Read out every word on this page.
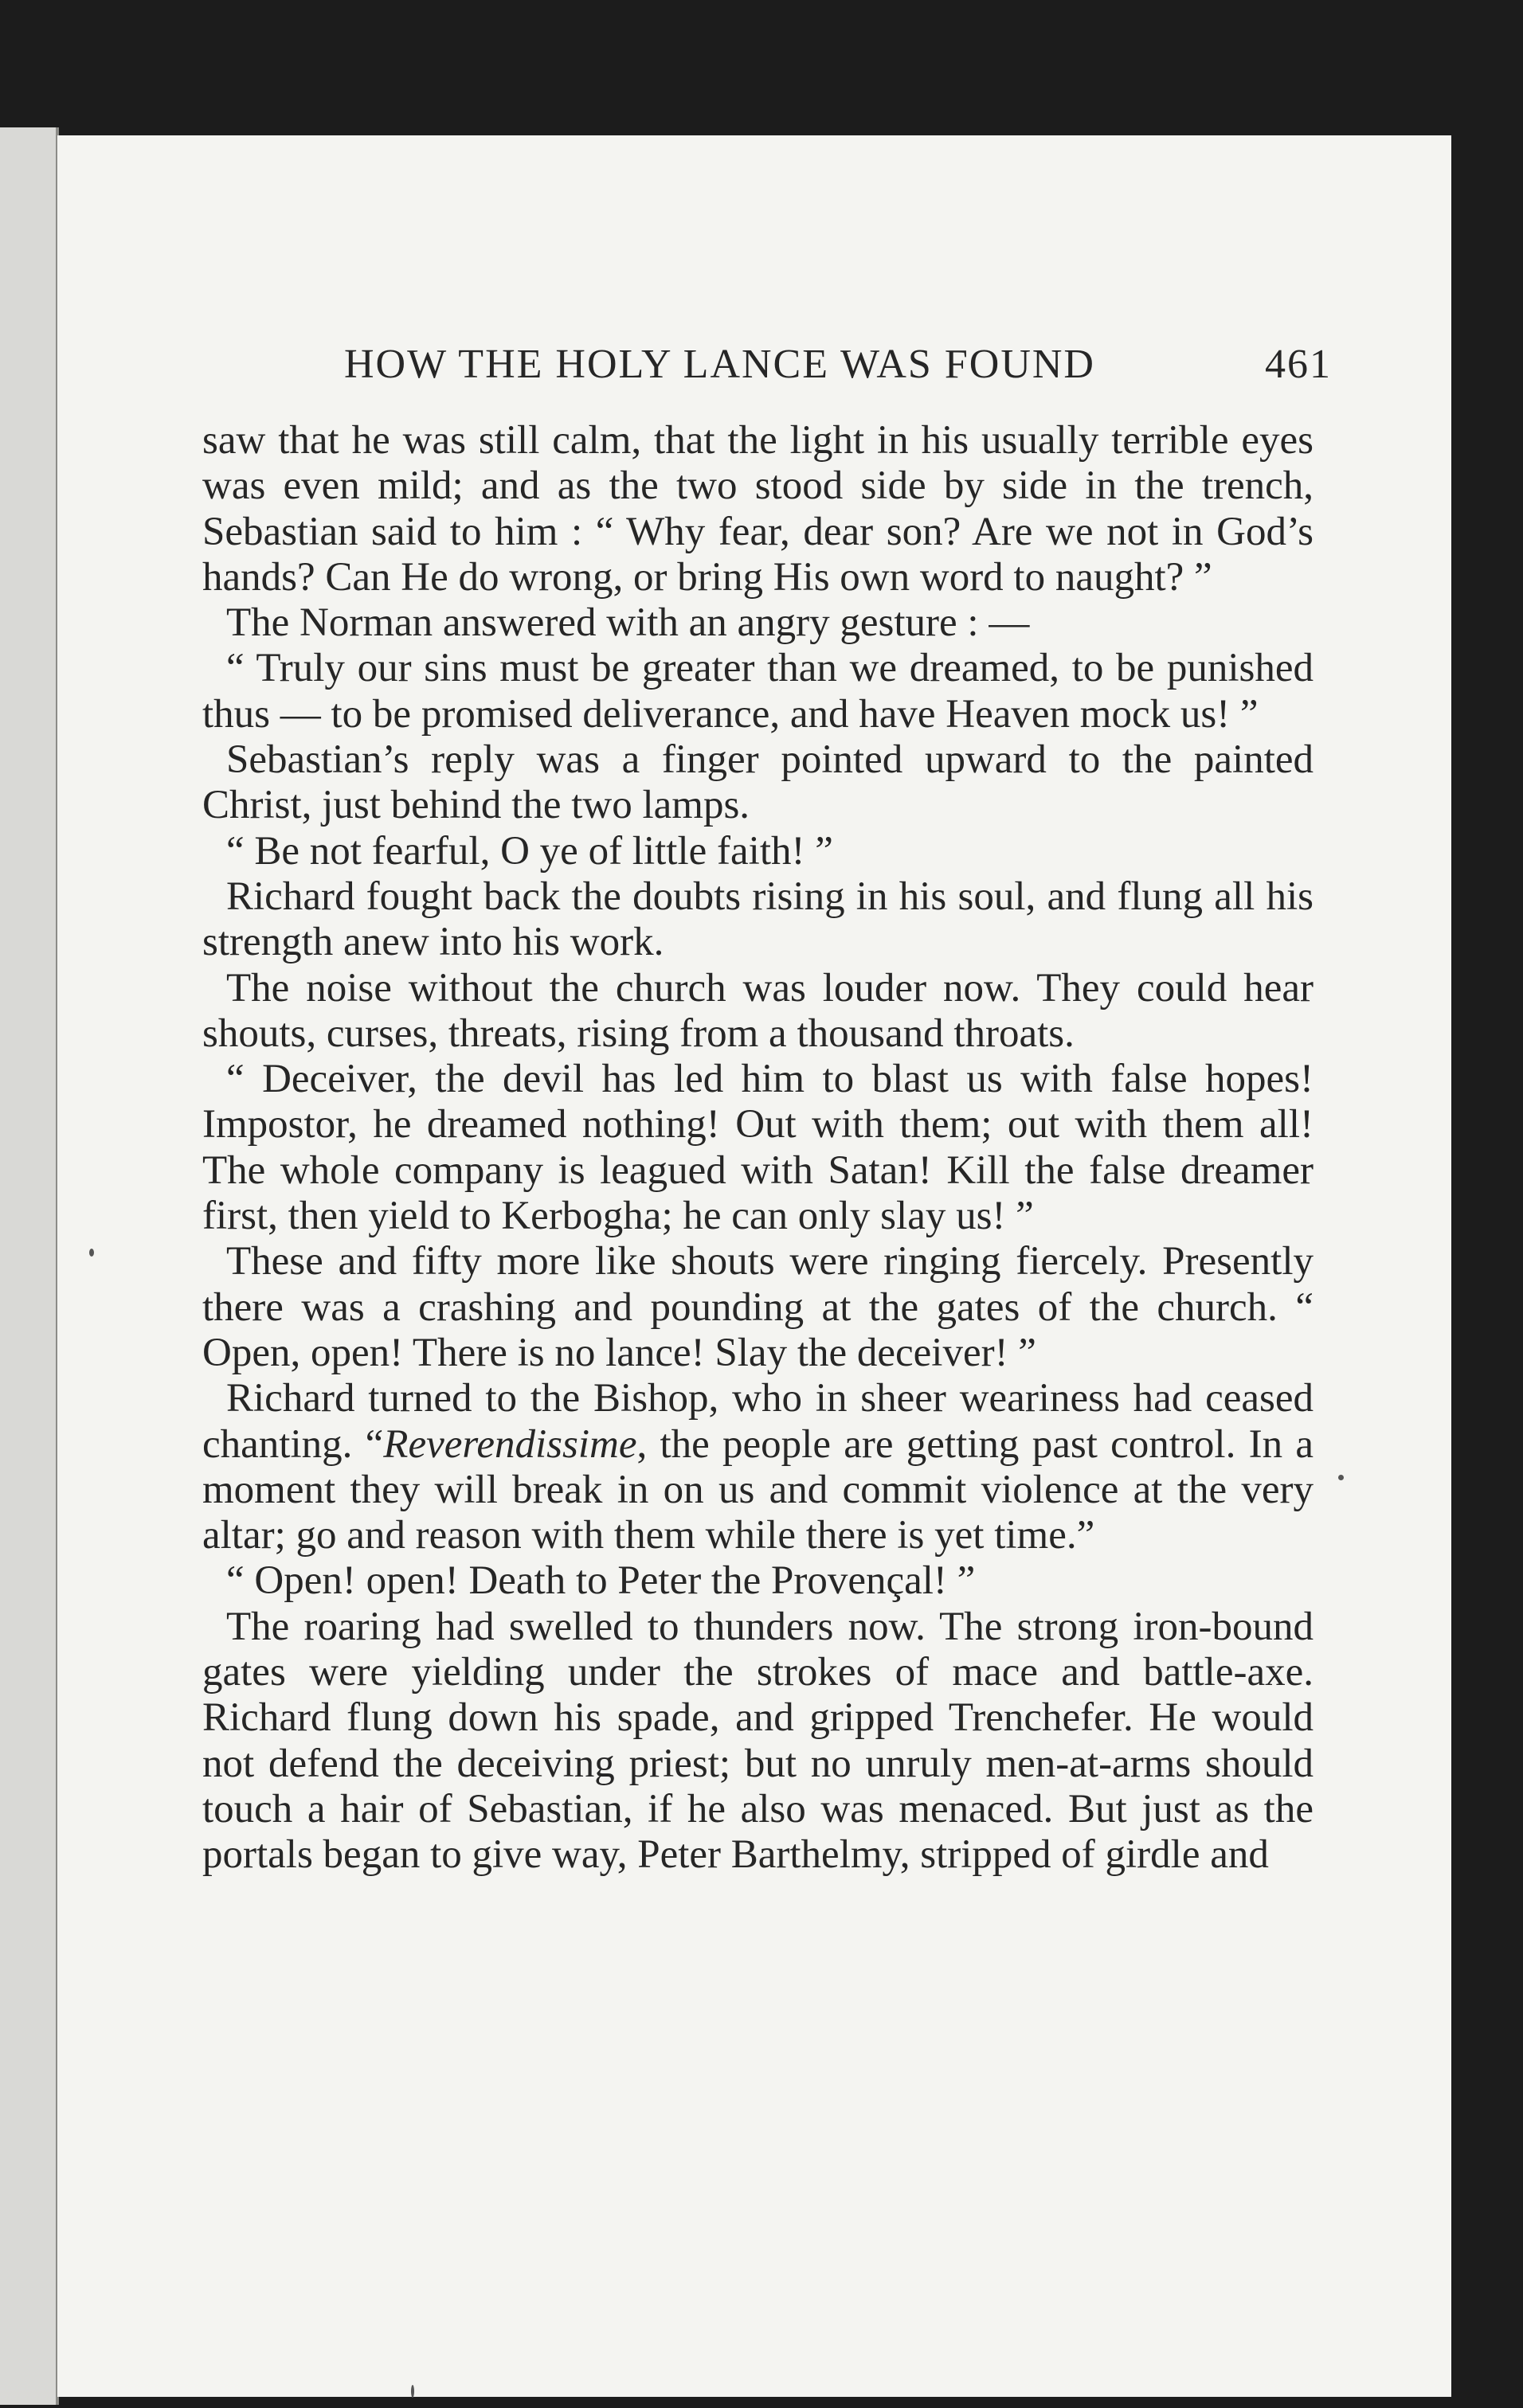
HOW THE HOLY LANCE WAS FOUND	461

saw that he was still calm, that the light in his usually terrible eyes was even mild; and as the two stood side by side in the trench, Sebastian said to him : “ Why fear, dear son? Are we not in God’s hands? Can He do wrong, or bring His own word to naught? ”

The Norman answered with an angry gesture : —

“ Truly our sins must be greater than we dreamed, to be punished thus — to be promised deliverance, and have Heaven mock us! ”

Sebastian’s reply was a finger pointed upward to the painted Christ, just behind the two lamps.

“ Be not fearful, O ye of little faith! ”

Richard fought back the doubts rising in his soul, and flung all his strength anew into his work.

The noise without the church was louder now. They could hear shouts, curses, threats, rising from a thousand throats.

“ Deceiver, the devil has led him to blast us with false hopes! Impostor, he dreamed nothing! Out with them; out with them all! The whole company is leagued with Satan! Kill the false dreamer first, then yield to Kerbogha; he can only slay us! ”

These and fifty more like shouts were ringing fiercely. Presently there was a crashing and pounding at the gates of the church. “ Open, open! There is no lance! Slay the deceiver! ”

Richard turned to the Bishop, who in sheer weariness had ceased chanting. “Reverendissime, the people are getting past control. In a moment they will break in on us and commit violence at the very altar; go and reason with them while there is yet time.”

“ Open! open! Death to Peter the Provençal! ”

The roaring had swelled to thunders now. The strong iron-bound gates were yielding under the strokes of mace and battle-axe. Richard flung down his spade, and gripped Trenchefer. He would not defend the deceiving priest; but no unruly men-at-arms should touch a hair of Sebastian, if he also was menaced. But just as the portals began to give way, Peter Barthelmy, stripped of girdle and
